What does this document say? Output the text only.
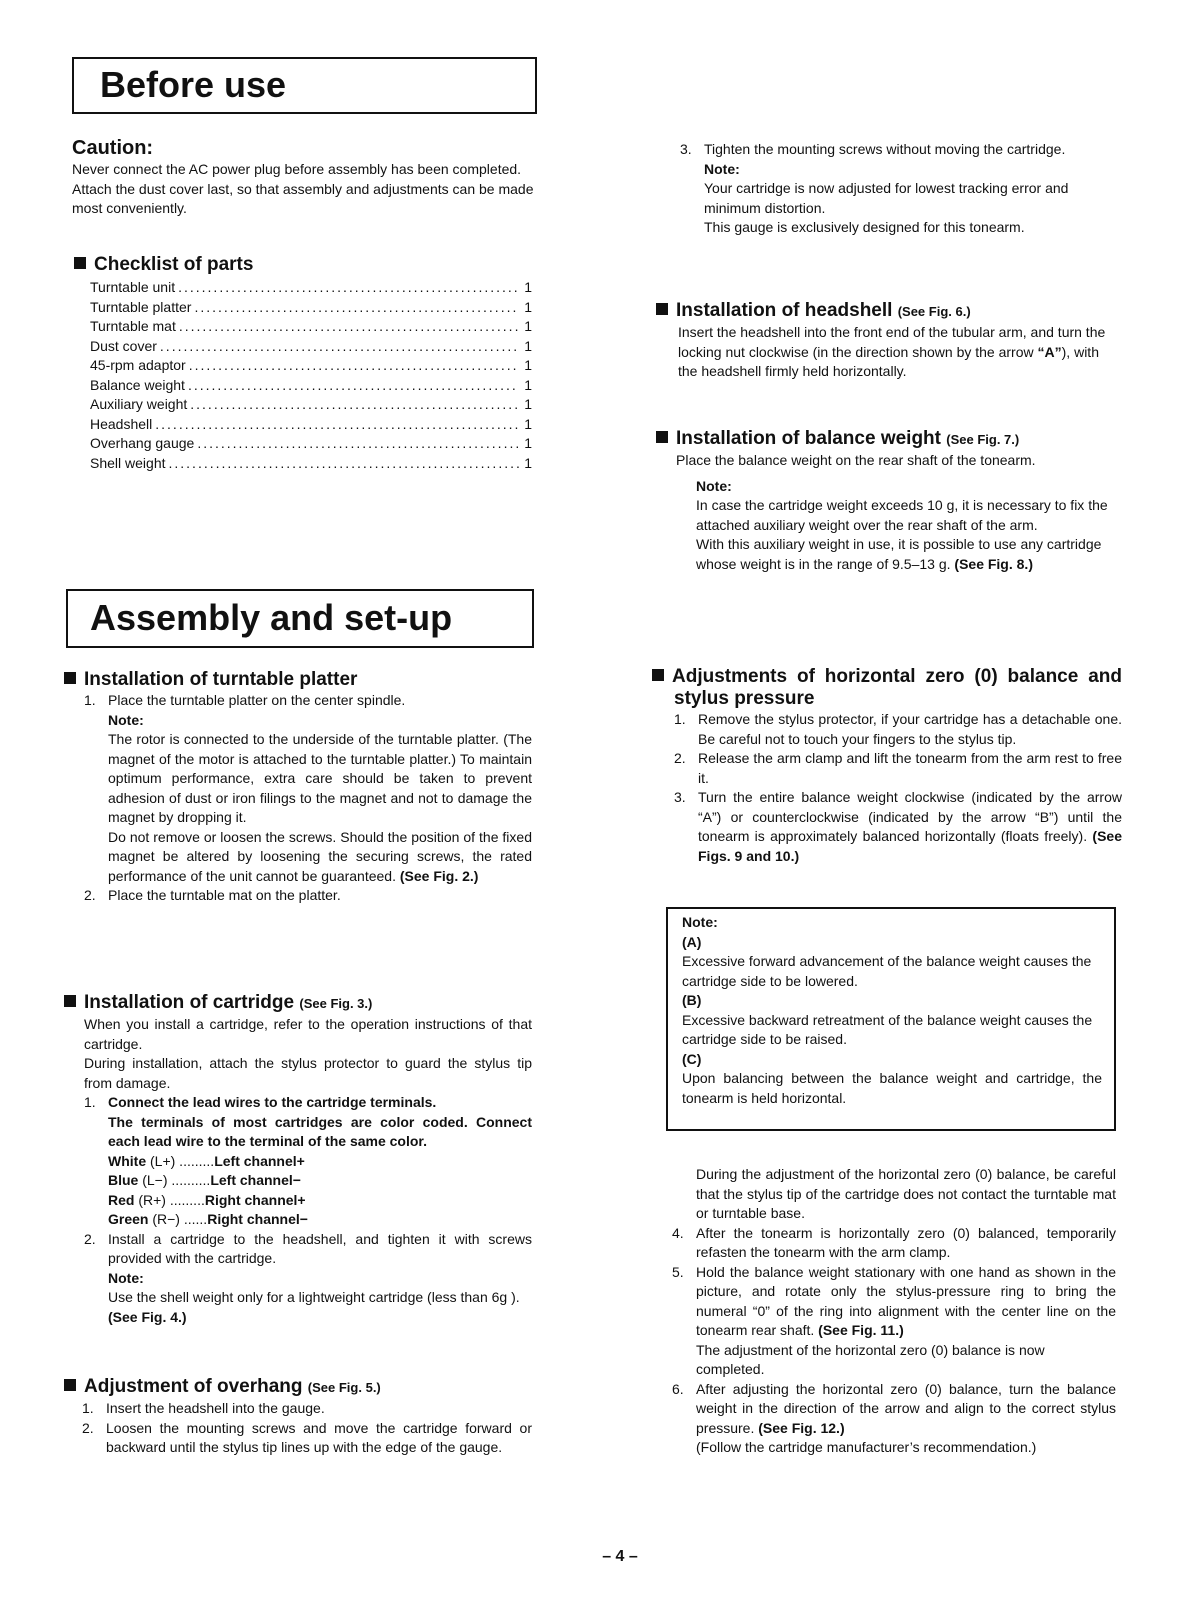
Before use
Caution:

Never connect the AC power plug before assembly has been completed.

Attach the dust cover last, so that assembly and adjustments can be made most conveniently.

Checklist of parts
Turntable unit .....	1
Turntable platter .....	1
Turntable mat .....	1
Dust cover .....	1
45-rpm adaptor .....	1
Balance weight .....	1
Auxiliary weight .....	1
Headshell .....	1
Overhang gauge .....	1
Shell weight .....	1
Assembly and set-up
Installation of turntable platter
1. Place the turntable platter on the center spindle.

Note:

The rotor is connected to the underside of the turntable platter. (The magnet of the motor is attached to the turntable platter.) To maintain optimum performance, extra care should be taken to prevent adhesion of dust or iron filings to the magnet and not to damage the magnet by dropping it.

Do not remove or loosen the screws. Should the position of the fixed magnet be altered by loosening the securing screws, the rated performance of the unit cannot be guaranteed. (See Fig. 2.)

2. Place the turntable mat on the platter.

Installation of cartridge (See Fig. 3.)

When you install a cartridge, refer to the operation instructions of that cartridge.

During installation, attach the stylus protector to guard the stylus tip from damage.

1. Connect the lead wires to the cartridge terminals.

The terminals of most cartridges are color coded. Connect each lead wire to the terminal of the same color.

White (L+) ......... Left channel+
Blue (L−) .......... Left channel−
Red (R+) ......... Right channel+
Green (R−) ...... Right channel−
2. Install a cartridge to the headshell, and tighten it with screws provided with the cartridge.

Note:

Use the shell weight only for a lightweight cartridge (less than 6g ). (See Fig. 4.)

Adjustment of overhang (See Fig. 5.)
1. Insert the headshell into the gauge.

2. Loosen the mounting screws and move the cartridge forward or backward until the stylus tip lines up with the edge of the gauge.

3. Tighten the mounting screws without moving the cartridge.

Note:

Your cartridge is now adjusted for lowest tracking error and minimum distortion.

This gauge is exclusively designed for this tonearm.

Installation of headshell (See Fig. 6.)

Insert the headshell into the front end of the tubular arm, and turn the locking nut clockwise (in the direction shown by the arrow “A”), with the headshell firmly held horizontally.

Installation of balance weight (See Fig. 7.)

Place the balance weight on the rear shaft of the tonearm.

Note:

In case the cartridge weight exceeds 10 g, it is necessary to fix the attached auxiliary weight over the rear shaft of the arm.

With this auxiliary weight in use, it is possible to use any cartridge whose weight is in the range of 9.5–13 g. (See Fig. 8.)

Adjustments of horizontal zero (0) balance and stylus pressure
1. Remove the stylus protector, if your cartridge has a detachable one. Be careful not to touch your fingers to the stylus tip.

2. Release the arm clamp and lift the tonearm from the arm rest to free it.

3. Turn the entire balance weight clockwise (indicated by the arrow “A”) or counterclockwise (indicated by the arrow “B”) until the tonearm is approximately balanced horizontally (floats freely). (See Figs. 9 and 10.)

Note:

(A)

Excessive forward advancement of the balance weight causes the cartridge side to be lowered.

(B)

Excessive backward retreatment of the balance weight causes the cartridge side to be raised.

(C)

Upon balancing between the balance weight and cartridge, the tonearm is held horizontal.

During the adjustment of the horizontal zero (0) balance, be careful that the stylus tip of the cartridge does not contact the turntable mat or turntable base.

4. After the tonearm is horizontally zero (0) balanced, temporarily refasten the tonearm with the arm clamp.

5. Hold the balance weight stationary with one hand as shown in the picture, and rotate only the stylus-pressure ring to bring the numeral “0” of the ring into alignment with the center line on the tonearm rear shaft. (See Fig. 11.)

The adjustment of the horizontal zero (0) balance is now completed.

6. After adjusting the horizontal zero (0) balance, turn the balance weight in the direction of the arrow and align to the correct stylus pressure. (See Fig. 12.)

(Follow the cartridge manufacturer’s recommendation.)

– 4 –
